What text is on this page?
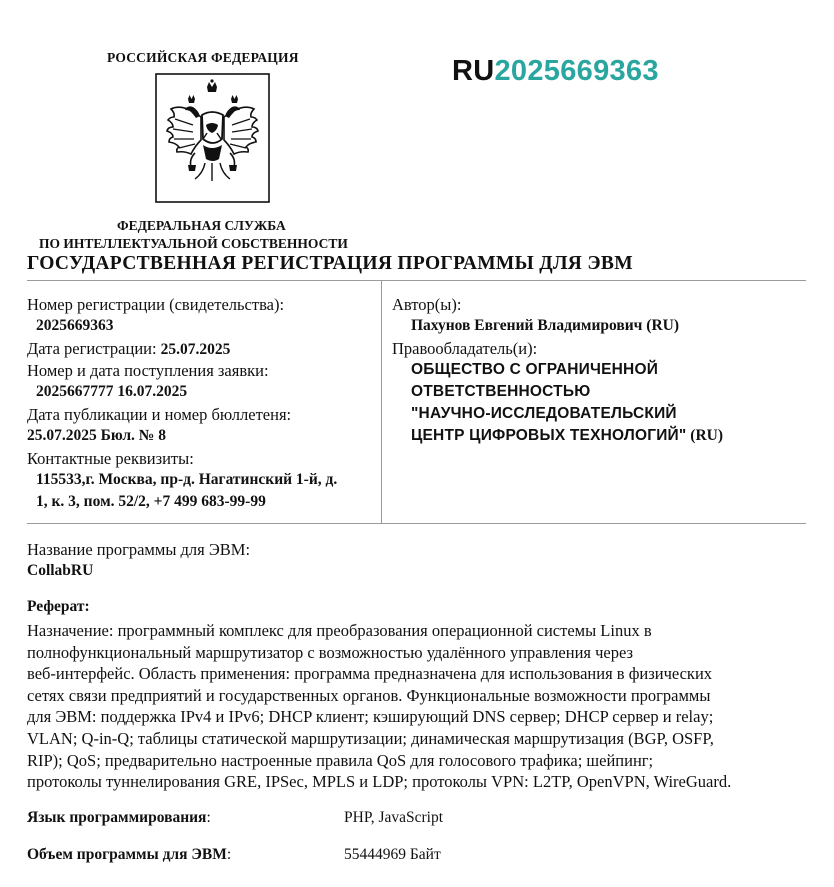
РОССИЙСКАЯ ФЕДЕРАЦИЯ
ФЕДЕРАЛЬНАЯ СЛУЖБА
ПО ИНТЕЛЛЕКТУАЛЬНОЙ СОБСТВЕННОСТИ
RU2025669363
ГОСУДАРСТВЕННАЯ РЕГИСТРАЦИЯ ПРОГРАММЫ ДЛЯ ЭВМ
Номер регистрации (свидетельства):
2025669363
Дата регистрации: 25.07.2025
Номер и дата поступления заявки:
2025667777 16.07.2025
Дата публикации и номер бюллетеня:
25.07.2025 Бюл. № 8
Контактные реквизиты:
115533,г. Москва, пр-д. Нагатинский 1-й, д.
1, к. 3, пом. 52/2, +7 499 683-99-99
Автор(ы):
Пахунов Евгений Владимирович (RU)
Правообладатель(и):
ОБЩЕСТВО С ОГРАНИЧЕННОЙ
ОТВЕТСТВЕННОСТЬЮ
"НАУЧНО-ИССЛЕДОВАТЕЛЬСКИЙ
ЦЕНТР ЦИФРОВЫХ ТЕХНОЛОГИЙ" (RU)
Название программы для ЭВМ:
CollabRU
Реферат:
Назначение: программный комплекс для преобразования операционной системы Linux в
полнофункциональный маршрутизатор с возможностью удалённого управления через
веб-интерфейс. Область применения: программа предназначена для использования в физических
сетях связи предприятий и государственных органов. Функциональные возможности программы
для ЭВМ: поддержка IPv4 и IPv6; DHCP клиент; кэширующий DNS сервер; DHCP сервер и relay;
VLAN; Q-in-Q; таблицы статической маршрутизации; динамическая маршрутизация (BGP, OSFP,
RIP); QoS; предварительно настроенные правила QoS для голосового трафика; шейпинг;
протоколы туннелирования GRE, IPSec, MPLS и LDP; протоколы VPN: L2TP, OpenVPN, WireGuard.
Язык программирования:	PHP, JavaScript
Объем программы для ЭВМ:	55444969 Байт
